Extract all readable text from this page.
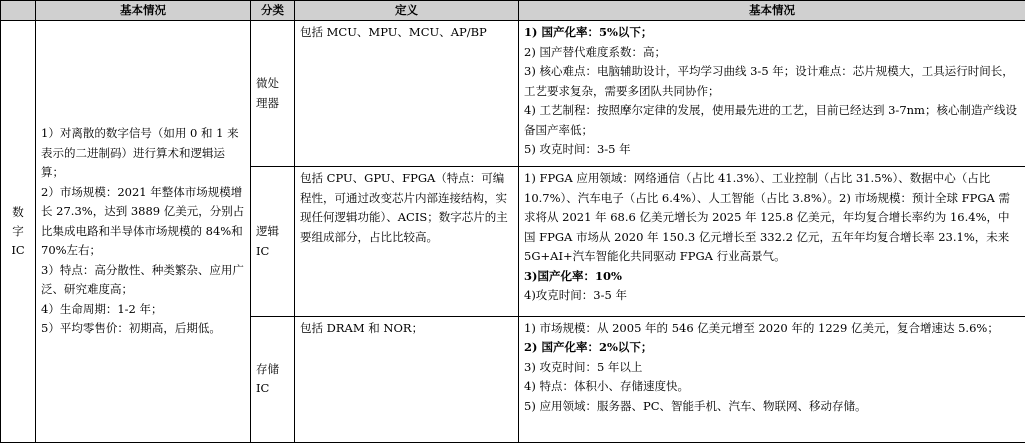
	基本情况	分类	定义	基本情况
数字IC	1）对离散的数字信号（如用 0 和 1 来表示的二进制码）进行算术和逻辑运算；
2）市场规模：2021 年整体市场规模增长 27.3%，达到 3889 亿美元，分别占比集成电路和半导体市场规模的 84%和 70%左右；
3）特点：高分散性、种类繁杂、应用广泛、研究难度高；
4）生命周期：1-2 年；
5）平均零售价：初期高，后期低。	微处理器	包括 MCU、MPU、MCU、AP/BP	1) 国产化率：5%以下；
2) 国产替代难度系数：高；
3) 核心难点：电脑辅助设计，平均学习曲线 3-5 年；设计难点：芯片规模大，工具运行时间长，工艺要求复杂，需要多团队共同协作；
4) 工艺制程：按照摩尔定律的发展，使用最先进的工艺，目前已经达到 3-7nm；核心制造产线设备国产率低；
5) 攻克时间：3-5 年

		逻辑IC	包括 CPU、GPU、FPGA（特点：可编程性，可通过改变芯片内部连接结构，实现任何逻辑功能）、ACIS；数字芯片的主要组成部分，占比比较高。	1) FPGA 应用领域：网络通信（占比 41.3%）、工业控制（占比 31.5%）、数据中心（占比 10.7%）、汽车电子（占比 6.4%）、人工智能（占比 3.8%）。2) 市场规模：预计全球 FPGA 需求将从 2021 年 68.6 亿美元增长为 2025 年 125.8 亿美元，年均复合增长率约为 16.4%，中国 FPGA 市场从 2020 年 150.3 亿元增长至 332.2 亿元，五年年均复合增长率 23.1%，未来 5G+AI+汽车智能化共同驱动 FPGA 行业高景气。
3)国产化率：10%
4)攻克时间：3-5 年

		存储IC	包括 DRAM 和 NOR；	1) 市场规模：从 2005 年的 546 亿美元增至 2020 年的 1229 亿美元，复合增速达 5.6%；
2) 国产化率：2%以下；
3) 攻克时间：5 年以上
4) 特点：体积小、存储速度快。
5) 应用领域：服务器、PC、智能手机、汽车、物联网、移动存储。
